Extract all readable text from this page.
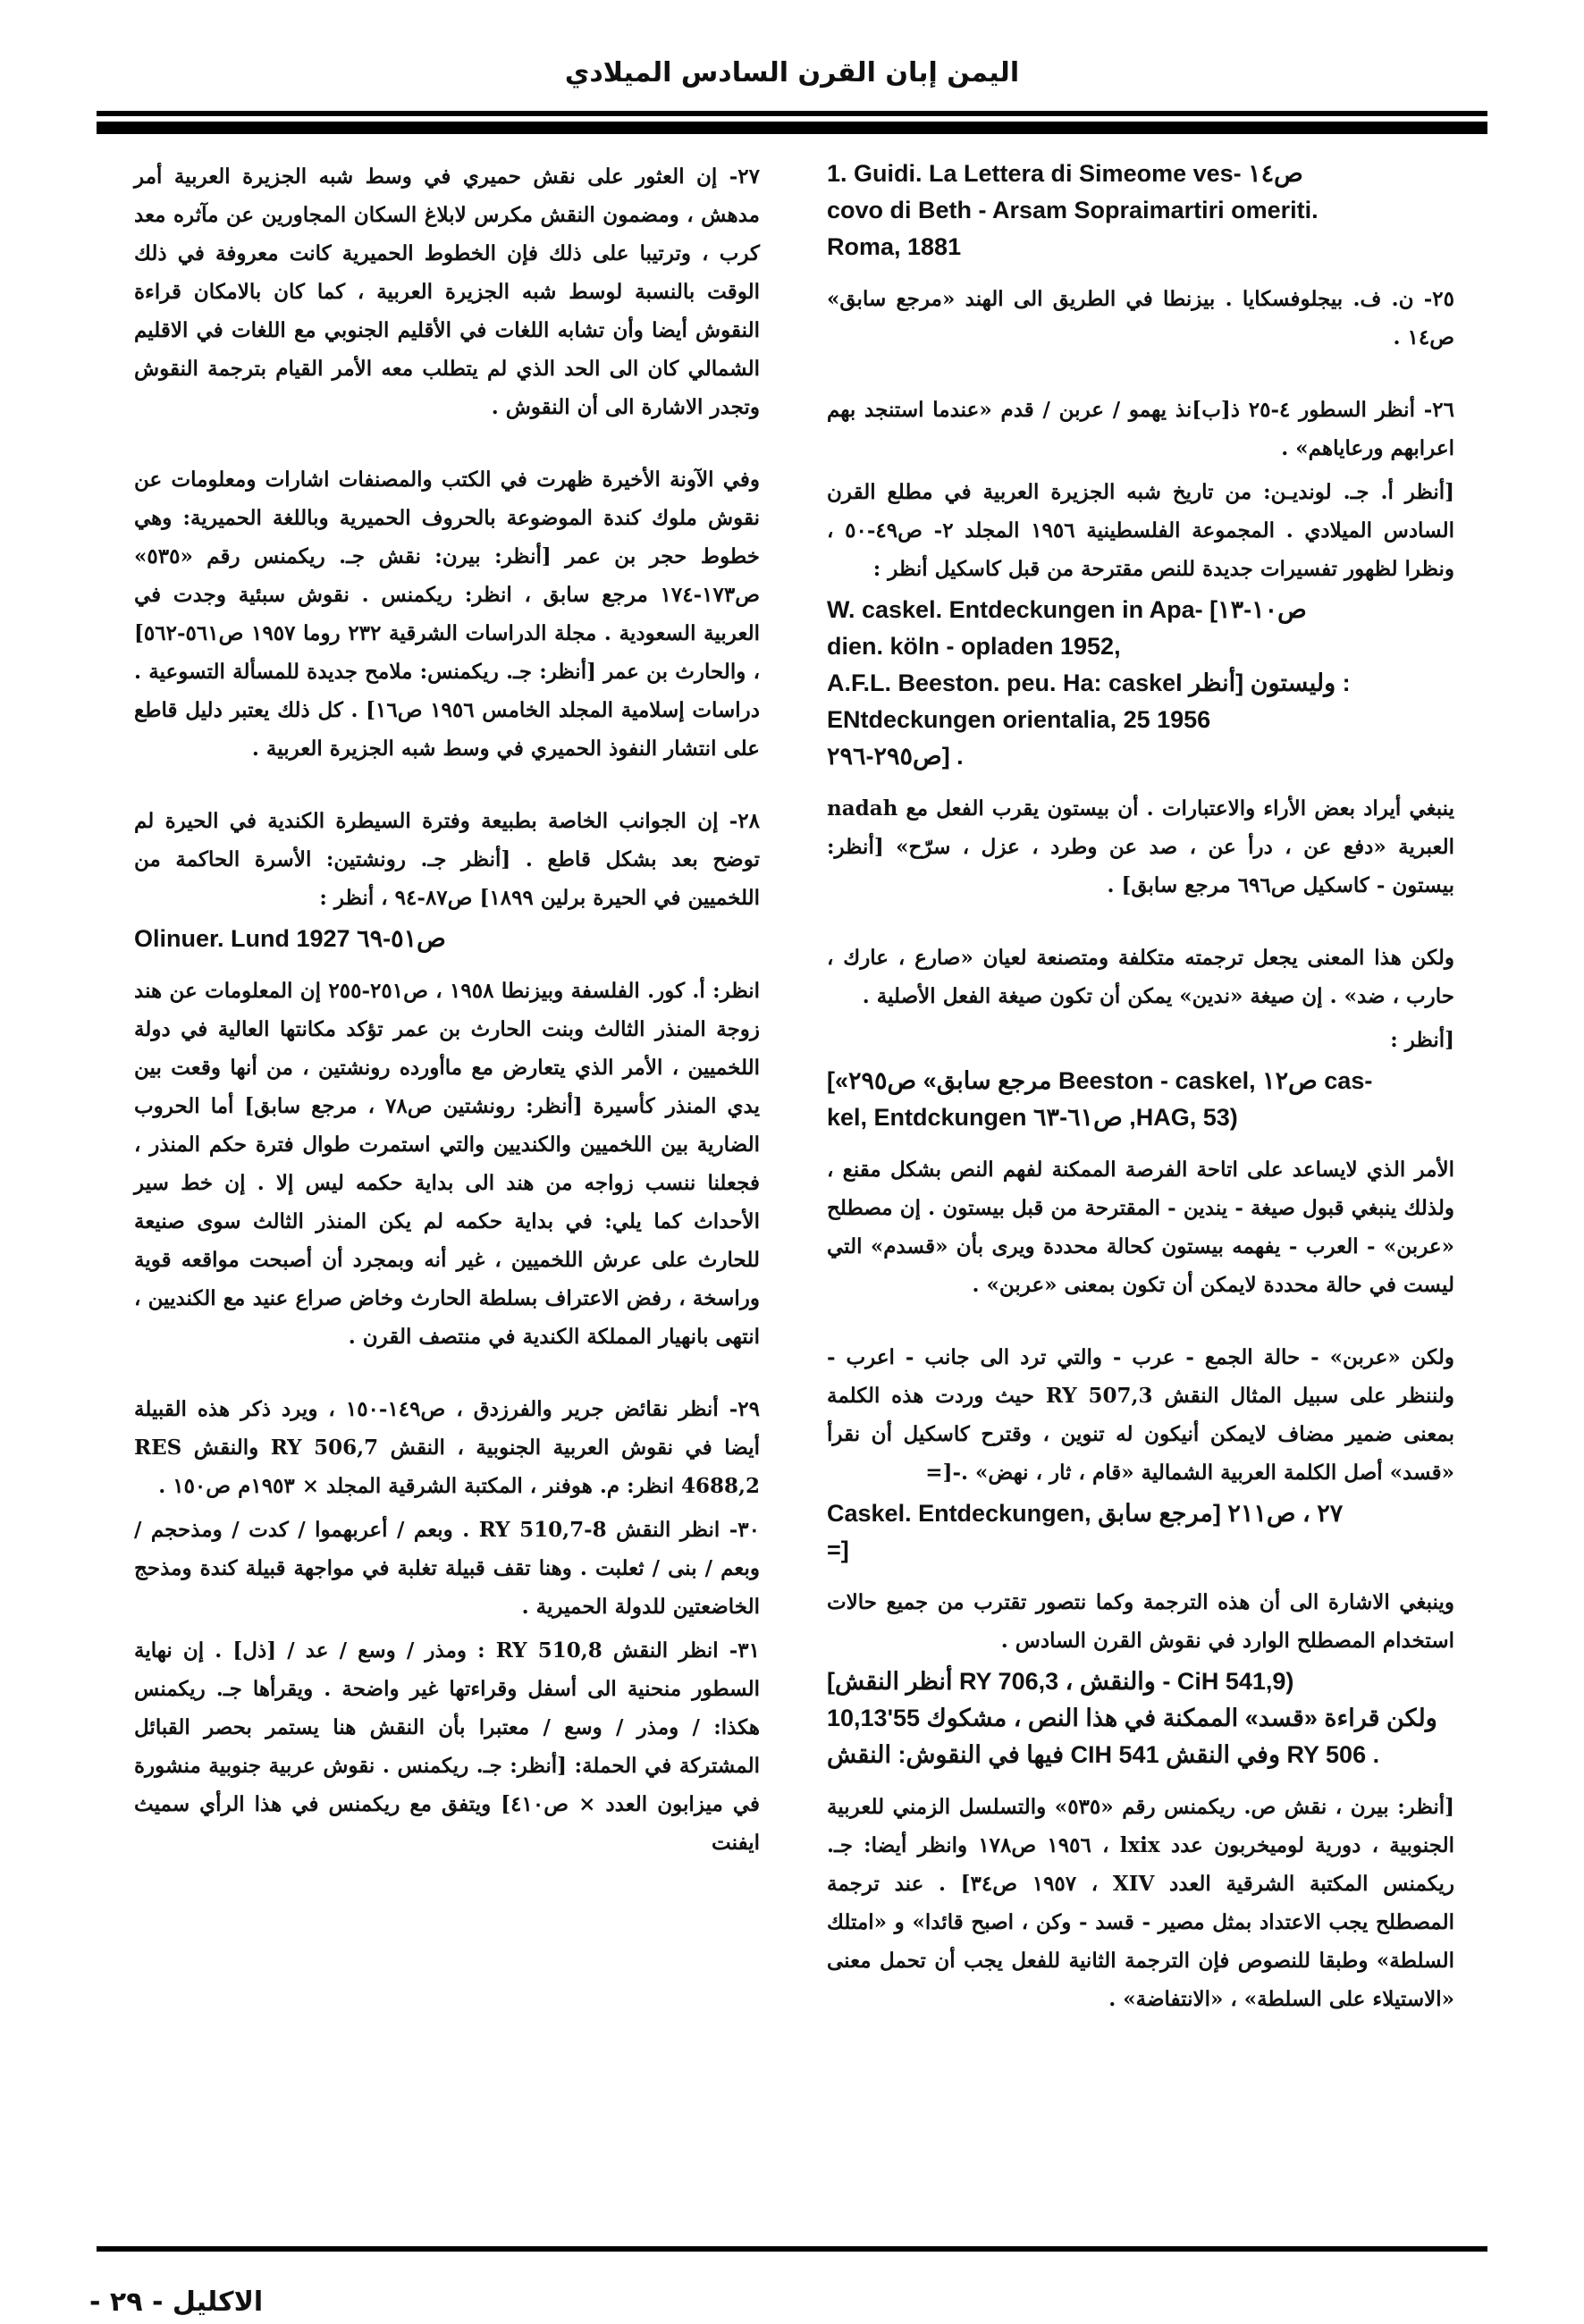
اليمن إبان القرن السادس الميلادي
1. Guidi. La Lettera di Simeome ves- ص١٤
covo di Beth - Arsam Sopraimartiri omeriti.
Roma, 1881

٢٥- ن. ف. بيجلوفسكايا . بيزنطا في الطريق الى الهند «مرجع سابق» ص١٤ .

٢٦- أنظر السطور ٤-٢٥ ذ[ب]نذ يهمو / عربن / قدم «عندما استنجد بهم اعرابهم ورعاياهم» .

[أنظر أ. جـ. لونديـن: من تاريخ شبه الجزيرة العربية في مطلع القرن السادس الميلادي . المجموعة الفلسطينية ١٩٥٦ المجلد ٢- ص٤٩-٥٠ ، ونظرا لظهور تفسيرات جديدة للنص مقترحة من قبل كاسكيل أنظر :

W. caskel. Entdeckungen in Apa- [ص١٠-١٣
dien. köln - opladen 1952,
A.F.L. Beeston. peu. Ha: caskel وليستون [أنظر :
ENtdeckungen orientalia, 25 1956
ص٢٩٥-٢٩٦] .

ينبغي أيراد بعض الأراء والاعتبارات . أن بيستون يقرب الفعل مع nadah العبرية «دفع عن ، درأ عن ، صد عن وطرد ، عزل ، سرّح» [أنظر: بيستون - كاسكيل ص٦٩٦ مرجع سابق] .

ولكن هذا المعنى يجعل ترجمته متكلفة ومتصنعة لعيان «صارع ، عارك ، حارب ، ضد» . إن صيغة «ندين» يمكن أن تكون صيغة الفعل الأصلية .

[أنظر :

[«مرجع سابق» ص٢٩٥ Beeston - caskel, ص١٢ cas-
kel, Entdckungen ص٦١-٦٣ ,HAG, 53)

الأمر الذي لايساعد على اتاحة الفرصة الممكنة لفهم النص بشكل مقنع ، ولذلك ينبغي قبول صيغة - يندين - المقترحة من قبل بيستون . إن مصطلح «عربن» - العرب - يفهمه بيستون كحالة محددة ويرى بأن «قسدم» التي ليست في حالة محددة لايمكن أن تكون بمعنى «عربن» .

ولكن «عربن» - حالة الجمع - عرب - والتي ترد الى جانب - اعرب - ولننظر على سبيل المثال النقش RY 507,3 حيث وردت هذه الكلمة بمعنى ضمير مضاف لايمكن أنيكون له تنوين ، وقترح كاسكيل أن نقرأ «قسد» أصل الكلمة العربية الشمالية «قام ، ثار ، نهض» .-[=

Caskel. Entdeckungen, ٢٧ ، ص٢١١ [مرجع سابق
=]

وينبغي الاشارة الى أن هذه الترجمة وكما نتصور تقترب من جميع حالات استخدام المصطلح الوارد في نقوش القرن السادس .

[أنظر النقش RY 706,3 ، والنقش - CiH 541,9)
10,13'55 ولكن قراءة «قسد» الممكنة في هذا النص ، مشكوك
فيها في النقوش: النقش CIH 541 وفي النقش RY 506 .

[أنظر: بيرن ، نقش ص. ريكمنس رقم «٥٣٥» والتسلسل الزمني للعربية الجنوبية ، دورية لوميخربون عدد lxix ، ١٩٥٦ ص١٧٨ وانظر أيضا: جـ. ريكمنس المكتبة الشرقية العدد XIV ، ١٩٥٧ ص٣٤] . عند ترجمة المصطلح يجب الاعتداد بمثل مصير - قسد - وكن ، اصبح قائدا» و «امتلك السلطة» وطبقا للنصوص فإن الترجمة الثانية للفعل يجب أن تحمل معنى «الاستيلاء على السلطة» ، «الانتفاضة» .

٢٧- إن العثور على نقش حميري في وسط شبه الجزيرة العربية أمر مدهش ، ومضمون النقش مكرس لابلاغ السكان المجاورين عن مآثره معد كرب ، وترتيبا على ذلك فإن الخطوط الحميرية كانت معروفة في ذلك الوقت بالنسبة لوسط شبه الجزيرة العربية ، كما كان بالامكان قراءة النقوش أيضا وأن تشابه اللغات في الأقليم الجنوبي مع اللغات في الاقليم الشمالي كان الى الحد الذي لم يتطلب معه الأمر القيام بترجمة النقوش وتجدر الاشارة الى أن النقوش .

وفي الآونة الأخيرة ظهرت في الكتب والمصنفات اشارات ومعلومات عن نقوش ملوك كندة الموضوعة بالحروف الحميرية وباللغة الحميرية: وهي خطوط حجر بن عمر [أنظر: بيرن: نقش جـ. ريكمنس رقم «٥٣٥» ص١٧٣-١٧٤ مرجع سابق ، انظر: ريكمنس . نقوش سبئية وجدت في العربية السعودية . مجلة الدراسات الشرقية ٢٣٢ روما ١٩٥٧ ص٥٦١-٥٦٢] ، والحارث بن عمر [أنظر: جـ. ريكمنس: ملامح جديدة للمسألة التسوعية . دراسات إسلامية المجلد الخامس ١٩٥٦ ص١٦] . كل ذلك يعتبر دليل قاطع على انتشار النفوذ الحميري في وسط شبه الجزيرة العربية .

٢٨- إن الجوانب الخاصة بطبيعة وفترة السيطرة الكندية في الحيرة لم توضح بعد بشكل قاطع . [أنظر جـ. رونشتين: الأسرة الحاكمة من اللخميين في الحيرة برلين ١٨٩٩] ص٨٧-٩٤ ، أنظر :

Olinuer. Lund 1927 ص٥١-٦٩

انظر: أ. كور. الفلسفة وبيزنطا ١٩٥٨ ، ص٢٥١-٢٥٥ إن المعلومات عن هند زوجة المنذر الثالث وبنت الحارث بن عمر تؤكد مكانتها العالية في دولة اللخميين ، الأمر الذي يتعارض مع ماأورده رونشتين ، من أنها وقعت بين يدي المنذر كأسيرة [أنظر: رونشتين ص٧٨ ، مرجع سابق] أما الحروب الضارية بين اللخميين والكنديين والتي استمرت طوال فترة حكم المنذر ، فجعلنا ننسب زواجه من هند الى بداية حكمه ليس إلا . إن خط سير الأحداث كما يلي: في بداية حكمه لم يكن المنذر الثالث سوى صنيعة للحارث على عرش اللخميين ، غير أنه وبمجرد أن أصبحت مواقعه قوية وراسخة ، رفض الاعتراف بسلطة الحارث وخاض صراع عنيد مع الكنديين ، انتهى بانهيار المملكة الكندية في منتصف القرن .

٢٩- أنظر نقائض جرير والفرزدق ، ص١٤٩-١٥٠ ، ويرد ذكر هذه القبيلة أيضا في نقوش العربية الجنوبية ، النقش RY 506,7 والنقش RES 4688,2 انظر: م. هوفنر ، المكتبة الشرقية المجلد × ١٩٥٣م ص١٥٠ .

٣٠- انظر النقش RY 510,7-8 . وبعم / أعربهموا / كدت / ومذحجم / وبعم / بنى / ثعلبت . وهنا تقف قبيلة تغلبة في مواجهة قبيلة كندة ومذحج الخاضعتين للدولة الحميرية .

٣١- انظر النقش RY 510,8 : ومذر / وسع / عد / [ذل] . إن نهاية السطور منحنية الى أسفل وقراءتها غير واضحة . ويقرأها جـ. ريكمنس هكذا: / ومذر / وسع / معتبرا بأن النقش هنا يستمر بحصر القبائل المشتركة في الحملة: [أنظر: جـ. ريكمنس . نقوش عربية جنوبية منشورة في ميزابون العدد × ص٤١٠] ويتفق مع ريكمنس في هذا الرأي سميث ايفنت

الاكليل - ٢٩ -
